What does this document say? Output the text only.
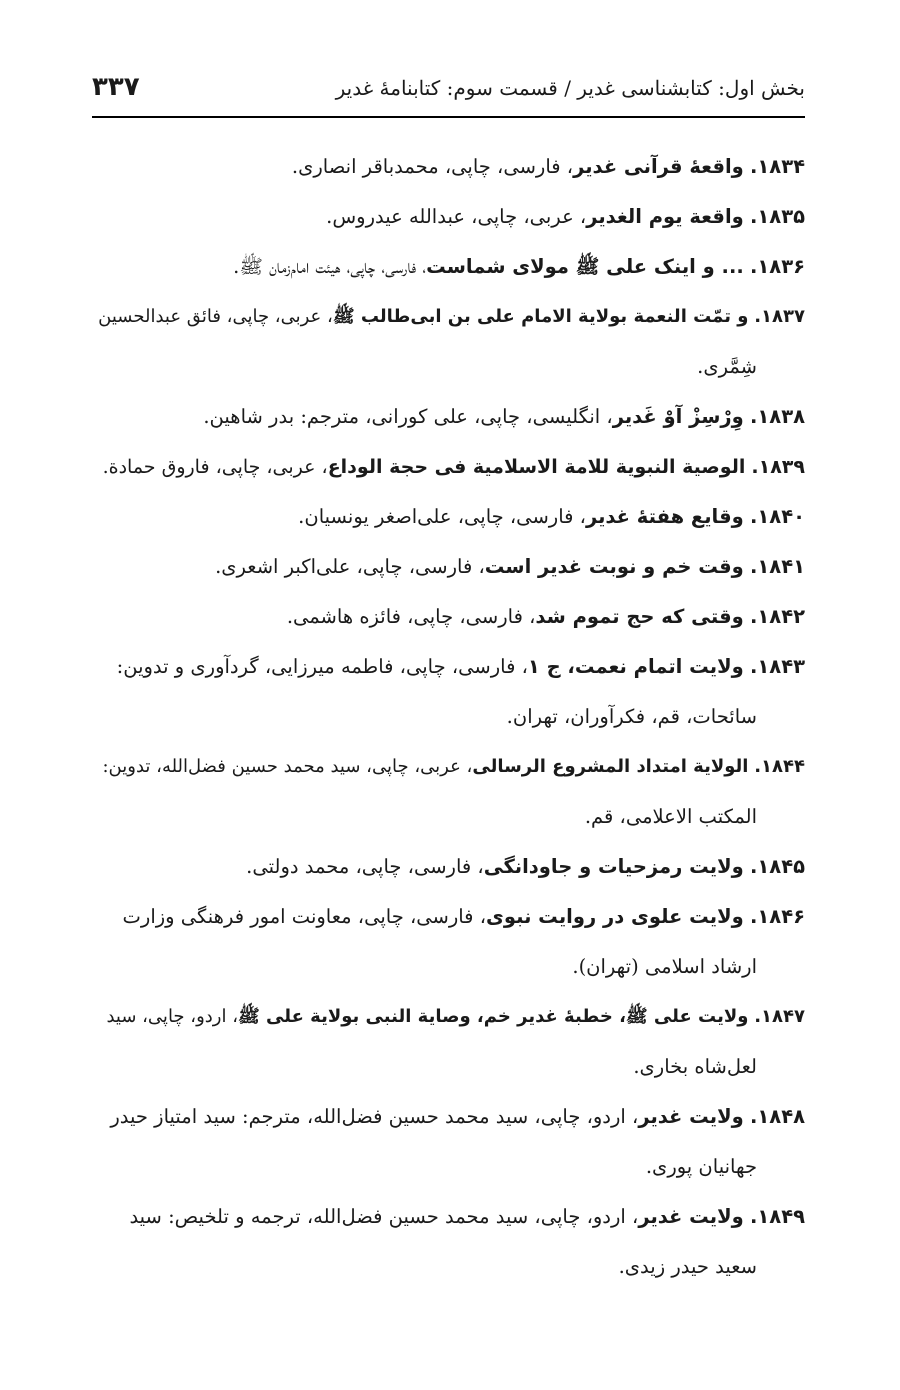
بخش اول: کتابشناسی غدیر / قسمت سوم: کتابنامهٔ غدیر
۳۳۷

۱۸۳۴. واقعهٔ قرآنی غدیر، فارسی، چاپی، محمدباقر انصاری.

۱۸۳۵. واقعة یوم الغدیر، عربی، چاپی، عبدالله عیدروس.

۱۸۳۶. ... و اینک علی ﷺ مولای شماست، فارسی، چاپی، هیئت امام‌زمان ﷺ.

۱۸۳۷. و تمّت النعمة بولایة الامام علی بن ابی‌طالب ﷺ، عربی، چاپی، فائق عبدالحسین
شِمَّری.

۱۸۳۸. وِرْسِزْ آوْ غَدیر، انگلیسی، چاپی، علی کورانی، مترجم: بدر شاهین.

۱۸۳۹. الوصیة النبویة للامة الاسلامیة فی حجة الوداع، عربی، چاپی، فاروق حمادة.

۱۸۴۰. وقایع هفتهٔ غدیر، فارسی، چاپی، علی‌اصغر یونسیان.

۱۸۴۱. وقت خم و نوبت غدیر است، فارسی، چاپی، علی‌اکبر اشعری.

۱۸۴۲. وقتی که حج تموم شد، فارسی، چاپی، فائزه هاشمی.

۱۸۴۳. ولایت اتمام نعمت، ج ۱، فارسی، چاپی، فاطمه میرزایی، گردآوری و تدوین:
سائحات، قم، فکرآوران، تهران.

۱۸۴۴. الولایة امتداد المشروع الرسالی، عربی، چاپی، سید محمد حسین فضل‌الله، تدوین:
المکتب الاعلامی، قم.

۱۸۴۵. ولایت رمزحیات و جاودانگی، فارسی، چاپی، محمد دولتی.

۱۸۴۶. ولایت علوی در روایت نبوی، فارسی، چاپی، معاونت امور فرهنگی وزارت
ارشاد اسلامی (تهران).

۱۸۴۷. ولایت علی ﷺ، خطبهٔ غدیر خم، وصایة النبی بولایة علی ﷺ، اردو، چاپی، سید
لعل‌شاه بخاری.

۱۸۴۸. ولایت غدیر، اردو، چاپی، سید محمد حسین فضل‌الله، مترجم: سید امتیاز حیدر
جهانیان پوری.

۱۸۴۹. ولایت غدیر، اردو، چاپی، سید محمد حسین فضل‌الله، ترجمه و تلخیص: سید
سعید حیدر زیدی.
